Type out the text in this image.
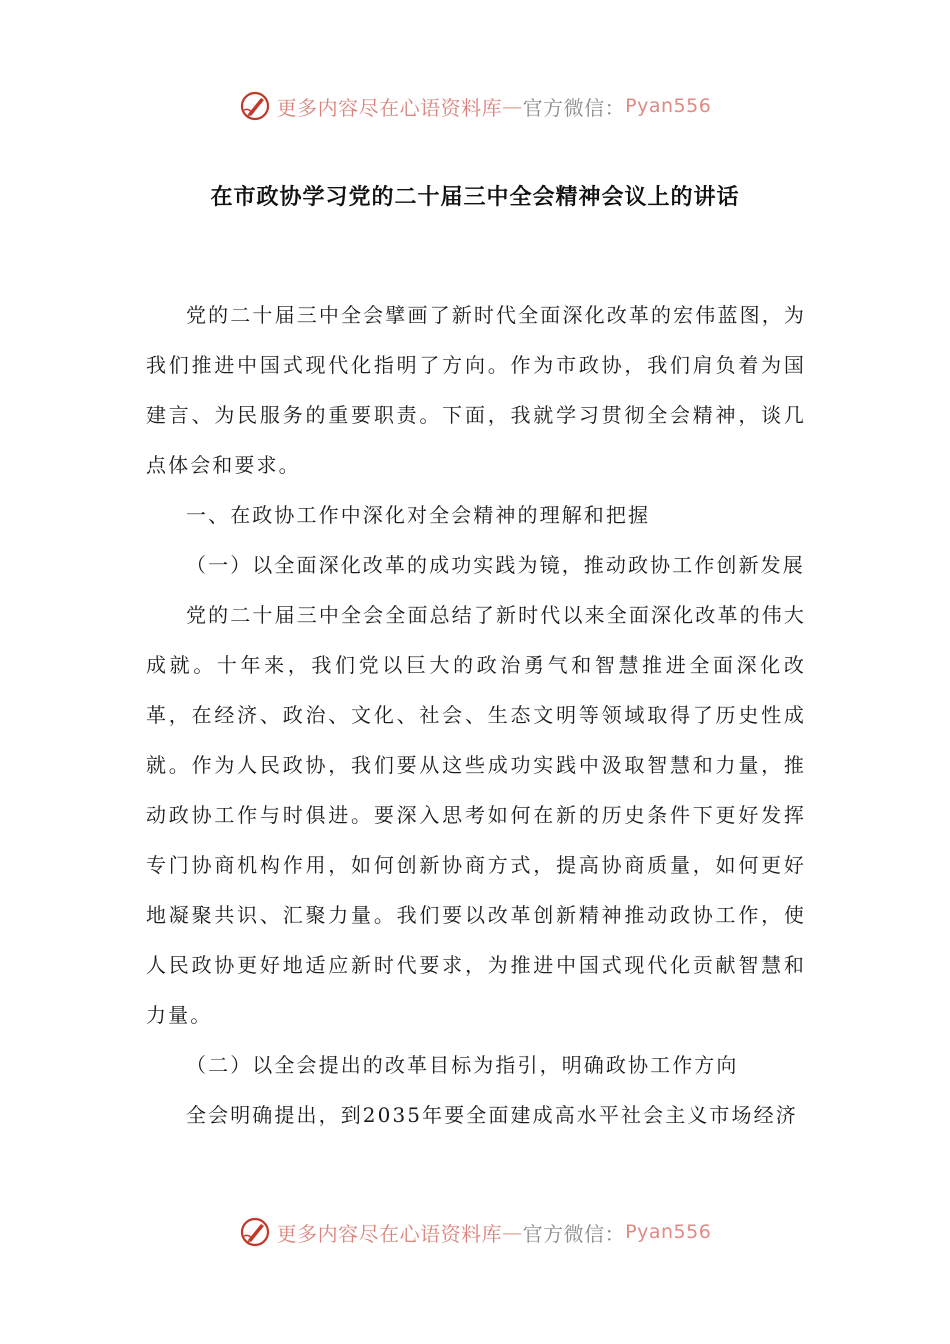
更多内容尽在心语资料库 — 官方微信： Pyan556
在市政协学习党的二十届三中全会精神会议上的讲话

党的二十届三中全会擘画了新时代全面深化改革的宏伟蓝图，为我们推进中国式现代化指明了方向。作为市政协，我们肩负着为国建言、为民服务的重要职责。下面，我就学习贯彻全会精神，谈几点体会和要求。

一、在政协工作中深化对全会精神的理解和把握

（一）以全面深化改革的成功实践为镜，推动政协工作创新发展

党的二十届三中全会全面总结了新时代以来全面深化改革的伟大成就。十年来，我们党以巨大的政治勇气和智慧推进全面深化改革，在经济、政治、文化、社会、生态文明等领域取得了历史性成就。作为人民政协，我们要从这些成功实践中汲取智慧和力量，推动政协工作与时俱进。要深入思考如何在新的历史条件下更好发挥专门协商机构作用，如何创新协商方式，提高协商质量，如何更好地凝聚共识、汇聚力量。我们要以改革创新精神推动政协工作，使人民政协更好地适应新时代要求，为推进中国式现代化贡献智慧和力量。

（二）以全会提出的改革目标为指引，明确政协工作方向

全会明确提出，到2035年要全面建成高水平社会主义市场经济

更多内容尽在心语资料库 — 官方微信： Pyan556
